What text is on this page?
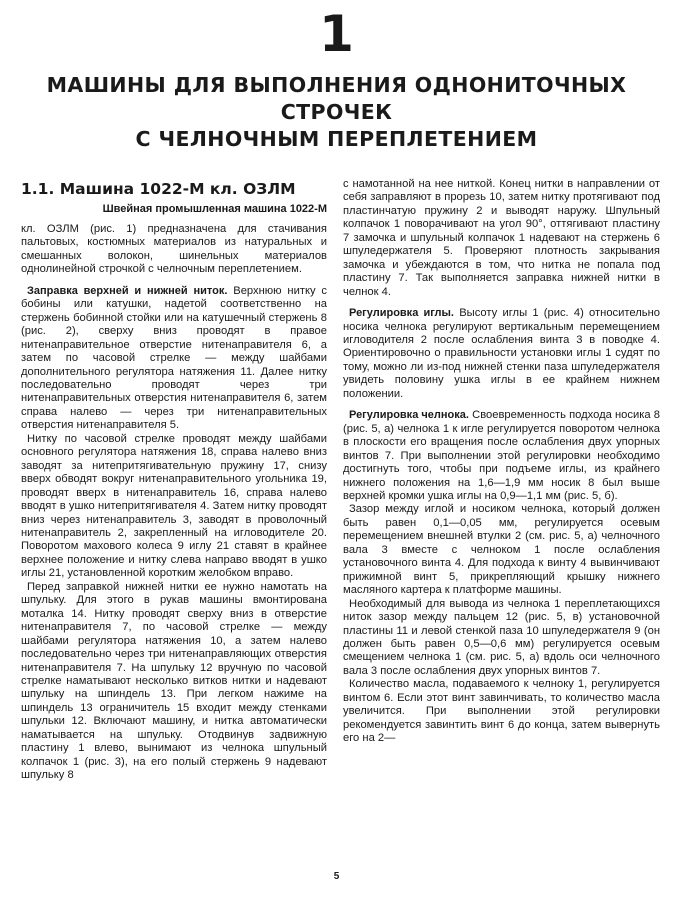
1
МАШИНЫ ДЛЯ ВЫПОЛНЕНИЯ ОДНОНИТОЧНЫХ СТРОЧЕК
С ЧЕЛНОЧНЫМ ПЕРЕПЛЕТЕНИЕМ
1.1. Машина 1022-М кл. ОЗЛМ
Швейная промышленная машина 1022-М

кл. ОЗЛМ (рис. 1) предназначена для стачивания пальтовых, костюмных материалов из натуральных и смешанных волокон, шинельных материалов однолинейной строчкой с челночным переплетением.

Заправка верхней и нижней ниток. Верхнюю нитку с бобины или катушки, надетой соответственно на стержень бобинной стойки или на катушечный стержень 8 (рис. 2), сверху вниз проводят в правое нитенаправительное отверстие нитенаправителя 6, а затем по часовой стрелке — между шайбами дополнительного регулятора натяжения 11. Далее нитку последовательно проводят через три нитенаправительных отверстия нитенаправителя 6, затем справа налево — через три нитенаправительных отверстия нитенаправителя 5.

Нитку по часовой стрелке проводят между шайбами основного регулятора натяжения 18, справа налево вниз заводят за нитепритягивательную пружину 17, снизу вверх обводят вокруг нитенаправительного угольника 19, проводят вверх в нитенаправитель 16, справа налево вводят в ушко нитепритягивателя 4. Затем нитку проводят вниз через нитенаправитель 3, заводят в проволочный нитенаправитель 2, закрепленный на игловодителе 20. Поворотом махового колеса 9 иглу 21 ставят в крайнее верхнее положение и нитку слева направо вводят в ушко иглы 21, установленной коротким желобком вправо.

Перед заправкой нижней нитки ее нужно намотать на шпульку. Для этого в рукав машины вмонтирована моталка 14. Нитку проводят сверху вниз в отверстие нитенаправителя 7, по часовой стрелке — между шайбами регулятора натяжения 10, а затем налево последовательно через три нитенаправляющих отверстия нитенаправителя 7. На шпульку 12 вручную по часовой стрелке наматывают несколько витков нитки и надевают шпульку на шпиндель 13. При легком нажиме на шпиндель 13 ограничитель 15 входит между стенками шпульки 12. Включают машину, и нитка автоматически наматывается на шпульку. Отодвинув задвижную пластину 1 влево, вынимают из челнока шпульный колпачок 1 (рис. 3), на его полый стержень 9 надевают шпульку 8

с намотанной на нее ниткой. Конец нитки в направлении от себя заправляют в прорезь 10, затем нитку протягивают под пластинчатую пружину 2 и выводят наружу. Шпульный колпачок 1 поворачивают на угол 90°, оттягивают пластину 7 замочка и шпульный колпачок 1 надевают на стержень 6 шпуледержателя 5. Проверяют плотность закрывания замочка и убеждаются в том, что нитка не попала под пластину 7. Так выполняется заправка нижней нитки в челнок 4.

Регулировка иглы. Высоту иглы 1 (рис. 4) относительно носика челнока регулируют вертикальным перемещением игловодителя 2 после ослабления винта 3 в поводке 4. Ориентировочно о правильности установки иглы 1 судят по тому, можно ли из-под нижней стенки паза шпуледержателя увидеть половину ушка иглы в ее крайнем нижнем положении.

Регулировка челнока. Своевременность подхода носика 8 (рис. 5, а) челнока 1 к игле регулируется поворотом челнока в плоскости его вращения после ослабления двух упорных винтов 7. При выполнении этой регулировки необходимо достигнуть того, чтобы при подъеме иглы, из крайнего нижнего положения на 1,6—1,9 мм носик 8 был выше верхней кромки ушка иглы на 0,9—1,1 мм (рис. 5, б).

Зазор между иглой и носиком челнока, который должен быть равен 0,1—0,05 мм, регулируется осевым перемещением внешней втулки 2 (см. рис. 5, а) челночного вала 3 вместе с челноком 1 после ослабления установочного винта 4. Для подхода к винту 4 вывинчивают прижимной винт 5, прикрепляющий крышку нижнего масляного картера к платформе машины.

Необходимый для вывода из челнока 1 переплетающихся ниток зазор между пальцем 12 (рис. 5, в) установочной пластины 11 и левой стенкой паза 10 шпуледержателя 9 (он должен быть равен 0,5—0,6 мм) регулируется осевым смещением челнока 1 (см. рис. 5, а) вдоль оси челночного вала 3 после ослабления двух упорных винтов 7.

Количество масла, подаваемого к челноку 1, регулируется винтом 6. Если этот винт завинчивать, то количество масла увеличится. При выполнении этой регулировки рекомендуется завинтить винт 6 до конца, затем вывернуть его на 2—

5
